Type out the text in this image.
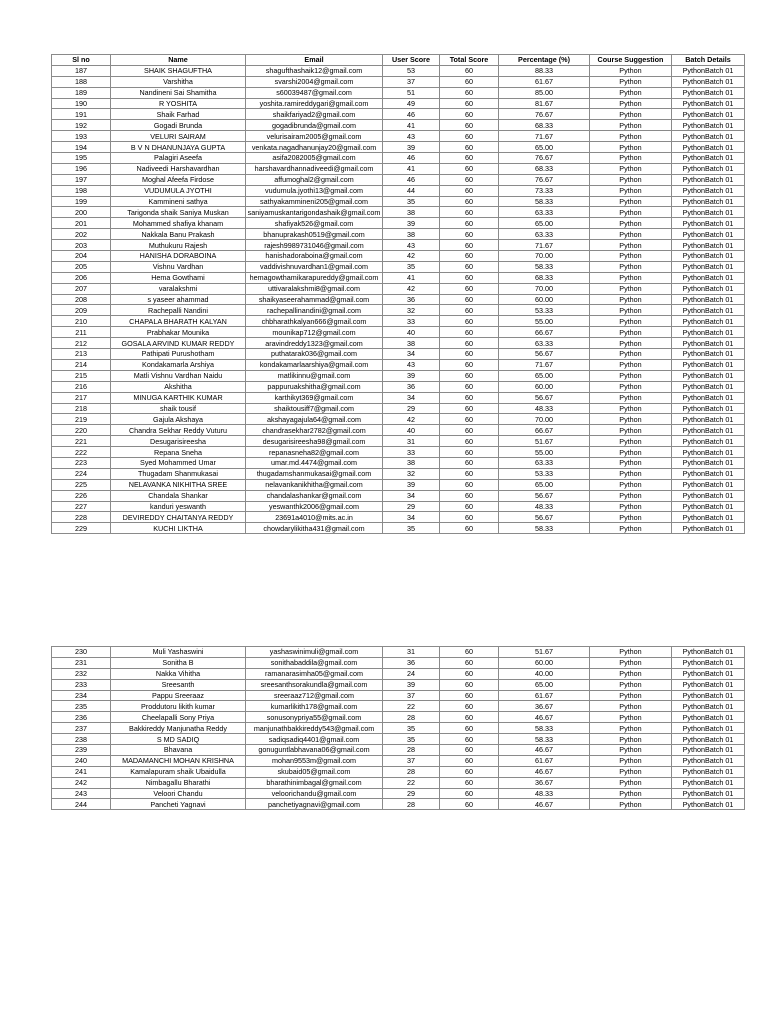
Sl no	Name	Email	User Score	Total Score	Percentage (%)	Course Suggestion	Batch Details
187	SHAIK SHAGUFTHA	shagufthashaik12@gmail.com	53	60	88.33	Python	PythonBatch 01
188	Varshitha	svarshi2004@gmail.com	37	60	61.67	Python	PythonBatch 01
189	Nandineni Sai Shamitha	s60039487@gmail.com	51	60	85.00	Python	PythonBatch 01
190	R YOSHITA	yoshita.ramireddygari@gmail.com	49	60	81.67	Python	PythonBatch 01
191	Shaik Farhad	shaikfariyad2@gmail.com	46	60	76.67	Python	PythonBatch 01
192	Gogadi Brunda	gogadibrunda@gmail.com	41	60	68.33	Python	PythonBatch 01
193	VELURI SAIRAM	velurisairam2005@gmail.com	43	60	71.67	Python	PythonBatch 01
194	B V N DHANUNJAYA GUPTA	venkata.nagadhanunjay20@gmail.com	39	60	65.00	Python	PythonBatch 01
195	Palagiri Aseefa	asifa2082005@gmail.com	46	60	76.67	Python	PythonBatch 01
196	Nadiveedi Harshavardhan	harshavardhannadiveedi@gmail.com	41	60	68.33	Python	PythonBatch 01
197	Moghal Afeefa Firdose	affumoghal2@gmail.com	46	60	76.67	Python	PythonBatch 01
198	VUDUMULA JYOTHI	vudumula.jyothi13@gmail.com	44	60	73.33	Python	PythonBatch 01
199	Kammineni sathya	sathyakammineni205@gmail.com	35	60	58.33	Python	PythonBatch 01
200	Tarigonda shaik Saniya Muskan	saniyamuskantarigondashaik@gmail.com	38	60	63.33	Python	PythonBatch 01
201	Mohammed shafiya khanam	shafiyak526@gmail.com	39	60	65.00	Python	PythonBatch 01
202	Nakkala Banu Prakash	bhanuprakash0519@gmail.com	38	60	63.33	Python	PythonBatch 01
203	Muthukuru Rajesh	rajesh9989731046@gmail.com	43	60	71.67	Python	PythonBatch 01
204	HANISHA DORABOINA	hanishadoraboina@gmail.com	42	60	70.00	Python	PythonBatch 01
205	Vishnu Vardhan	vaddivishnuvardhan1@gmail.com	35	60	58.33	Python	PythonBatch 01
206	Hema Gowthami	hemagowthamikarapureddy@gmail.com	41	60	68.33	Python	PythonBatch 01
207	varalakshmi	uttivaralakshmi8@gmail.com	42	60	70.00	Python	PythonBatch 01
208	s yaseer ahammad	shaikyaseerahammad@gmail.com	36	60	60.00	Python	PythonBatch 01
209	Rachepalli Nandini	rachepallinandini@gmail.com	32	60	53.33	Python	PythonBatch 01
210	CHAPALA BHARATH KALYAN	chbharathkalyan666@gmail.com	33	60	55.00	Python	PythonBatch 01
211	Prabhakar Mounika	mounikap712@gmail.com	40	60	66.67	Python	PythonBatch 01
212	GOSALA ARVIND KUMAR REDDY	aravindreddy1323@gmail.com	38	60	63.33	Python	PythonBatch 01
213	Pathipati Purushotham	puthatarak036@gmail.com	34	60	56.67	Python	PythonBatch 01
214	Kondakamarla Arshiya	kondakamarlaarshiya@gmail.com	43	60	71.67	Python	PythonBatch 01
215	Matli Vishnu Vardhan Naidu	matlikinnu@gmail.com	39	60	65.00	Python	PythonBatch 01
216	Akshitha	pappuruakshitha@gmail.com	36	60	60.00	Python	PythonBatch 01
217	MINUGA KARTHIK KUMAR	karthikyt369@gmail.com	34	60	56.67	Python	PythonBatch 01
218	shaik tousif	shaiktousiff7@gmail.com	29	60	48.33	Python	PythonBatch 01
219	Gajula Akshaya	akshayagajula64@gmail.com	42	60	70.00	Python	PythonBatch 01
220	Chandra Sekhar Reddy Vuturu	chandrasekhar2782@gmail.com	40	60	66.67	Python	PythonBatch 01
221	Desugarisireesha	desugarisireesha98@gmail.com	31	60	51.67	Python	PythonBatch 01
222	Repana Sneha	repanasneha82@gmail.com	33	60	55.00	Python	PythonBatch 01
223	Syed Mohammed Umar	umar.md.4474@gmail.com	38	60	63.33	Python	PythonBatch 01
224	Thugadam Shanmukasai	thugadamshanmukasai@gmail.com	32	60	53.33	Python	PythonBatch 01
225	NELAVANKA NIKHITHA SREE	nelavankanikhitha@gmail.com	39	60	65.00	Python	PythonBatch 01
226	Chandala Shankar	chandalashankar@gmail.com	34	60	56.67	Python	PythonBatch 01
227	kanduri yeswanth	yeswanthk2006@gmail.com	29	60	48.33	Python	PythonBatch 01
228	DEVIREDDY CHAITANYA REDDY	23691a4010@mits.ac.in	34	60	56.67	Python	PythonBatch 01
229	KUCHI LIKTHA	chowdarylikitha431@gmail.com	35	60	58.33	Python	PythonBatch 01
230	Muli Yashaswini	yashaswinimuli@gmail.com	31	60	51.67	Python	PythonBatch 01
231	Sonitha B	sonithabaddila@gmail.com	36	60	60.00	Python	PythonBatch 01
232	Nakka Vihitha	ramanarasimha05@gmail.com	24	60	40.00	Python	PythonBatch 01
233	Sreesanth	sreesanthsorakundla@gmail.com	39	60	65.00	Python	PythonBatch 01
234	Pappu Sreeraaz	sreeraaz712@gmail.com	37	60	61.67	Python	PythonBatch 01
235	Proddutoru likith kumar	kumarlikith178@gmail.com	22	60	36.67	Python	PythonBatch 01
236	Cheelapalli Sony Priya	sonusonypriya55@gmail.com	28	60	46.67	Python	PythonBatch 01
237	Bakkireddy Manjunatha Reddy	manjunathbakkireddy543@gmail.com	35	60	58.33	Python	PythonBatch 01
238	S MD SADIQ	sadiqsadiq4401@gmail.com	35	60	58.33	Python	PythonBatch 01
239	Bhavana	gonuguntlabhavana06@gmail.com	28	60	46.67	Python	PythonBatch 01
240	MADAMANCHI MOHAN KRISHNA	mohan9553m@gmail.com	37	60	61.67	Python	PythonBatch 01
241	Kamalapuram shaik Ubaidulla	skubaid05@gmail.com	28	60	46.67	Python	PythonBatch 01
242	Nimbagallu Bharathi	bharathinimbagal@gmail.com	22	60	36.67	Python	PythonBatch 01
243	Veloori Chandu	veloorichandu@gmail.com	29	60	48.33	Python	PythonBatch 01
244	Pancheti Yagnavi	panchetiyagnavi@gmail.com	28	60	46.67	Python	PythonBatch 01
